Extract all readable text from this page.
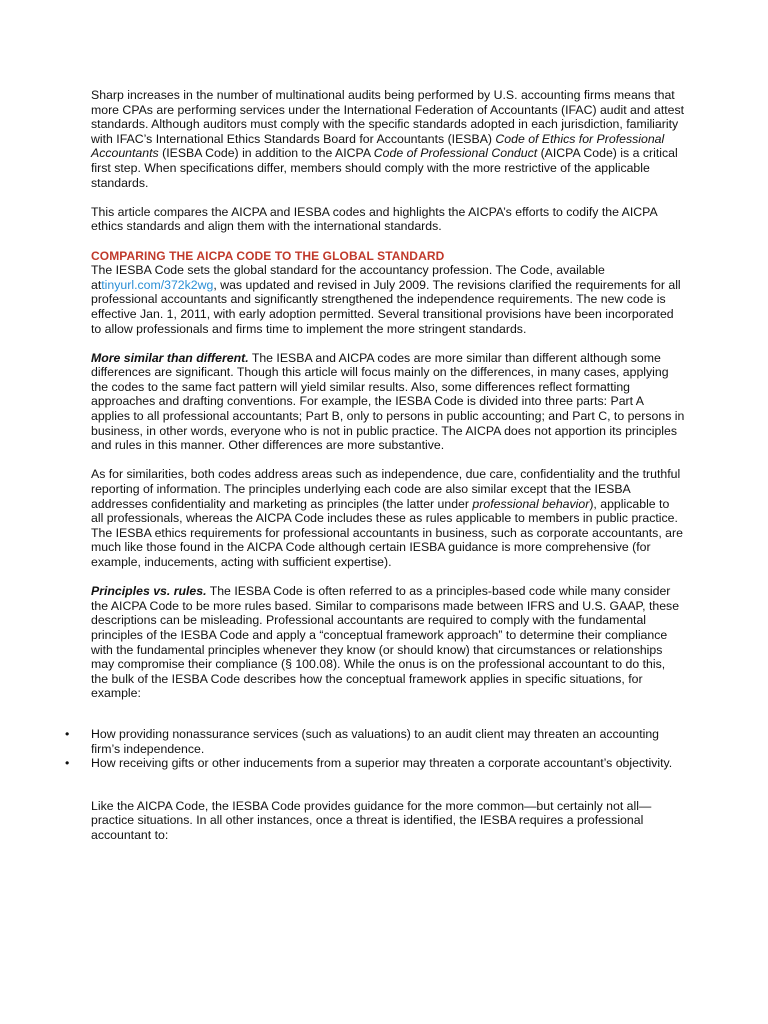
Sharp increases in the number of multinational audits being performed by U.S. accounting firms means that more CPAs are performing services under the International Federation of Accountants (IFAC) audit and attest standards. Although auditors must comply with the specific standards adopted in each jurisdiction, familiarity with IFAC’s International Ethics Standards Board for Accountants (IESBA) Code of Ethics for Professional Accountants (IESBA Code) in addition to the AICPA Code of Professional Conduct (AICPA Code) is a critical first step. When specifications differ, members should comply with the more restrictive of the applicable standards.

This article compares the AICPA and IESBA codes and highlights the AICPA’s efforts to codify the AICPA ethics standards and align them with the international standards.

COMPARING THE AICPA CODE TO THE GLOBAL STANDARD

The IESBA Code sets the global standard for the accountancy profession. The Code, available attinyurl.com/372k2wg, was updated and revised in July 2009. The revisions clarified the requirements for all professional accountants and significantly strengthened the independence requirements. The new code is effective Jan. 1, 2011, with early adoption permitted. Several transitional provisions have been incorporated to allow professionals and firms time to implement the more stringent standards.

More similar than different. The IESBA and AICPA codes are more similar than different although some differences are significant. Though this article will focus mainly on the differences, in many cases, applying the codes to the same fact pattern will yield similar results. Also, some differences reflect formatting approaches and drafting conventions. For example, the IESBA Code is divided into three parts: Part A applies to all professional accountants; Part B, only to persons in public accounting; and Part C, to persons in business, in other words, everyone who is not in public practice. The AICPA does not apportion its principles and rules in this manner. Other differences are more substantive.

As for similarities, both codes address areas such as independence, due care, confidentiality and the truthful reporting of information. The principles underlying each code are also similar except that the IESBA addresses confidentiality and marketing as principles (the latter under professional behavior), applicable to all professionals, whereas the AICPA Code includes these as rules applicable to members in public practice. The IESBA ethics requirements for professional accountants in business, such as corporate accountants, are much like those found in the AICPA Code although certain IESBA guidance is more comprehensive (for example, inducements, acting with sufficient expertise).

Principles vs. rules. The IESBA Code is often referred to as a principles-based code while many consider the AICPA Code to be more rules based. Similar to comparisons made between IFRS and U.S. GAAP, these descriptions can be misleading. Professional accountants are required to comply with the fundamental principles of the IESBA Code and apply a “conceptual framework approach” to determine their compliance with the fundamental principles whenever they know (or should know) that circumstances or relationships may compromise their compliance (§ 100.08). While the onus is on the professional accountant to do this, the bulk of the IESBA Code describes how the conceptual framework applies in specific situations, for example:

• How providing nonassurance services (such as valuations) to an audit client may threaten an accounting firm’s independence.
• How receiving gifts or other inducements from a superior may threaten a corporate accountant’s objectivity.

Like the AICPA Code, the IESBA Code provides guidance for the more common—but certainly not all—practice situations. In all other instances, once a threat is identified, the IESBA requires a professional accountant to:
